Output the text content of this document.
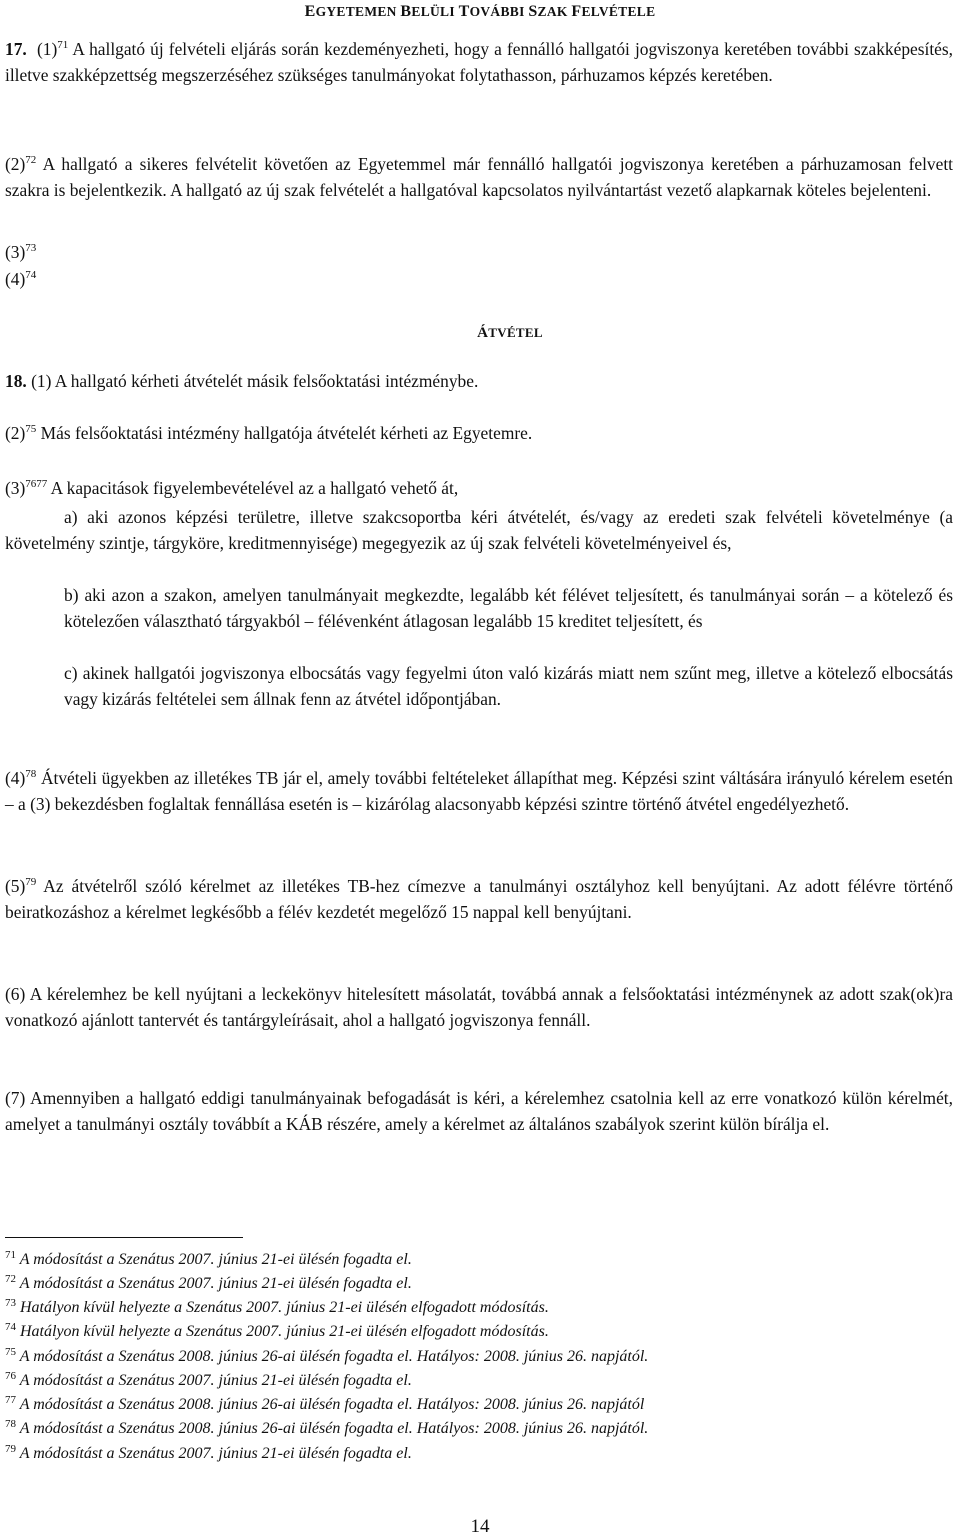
EGYETEMEN BELÜLI TOVÁBBI SZAK FELVÉTELE

17. $(1)^{71}$ A hallgató új felvételi eljárás során kezdeményezheti, hogy a fennálló hallgatói jogviszonya keretében további szakképesítés, illetve szakképzettség megszerzéséhez szükséges tanulmányokat folytathasson, párhuzamos képzés keretében.

$(2)^{72}$ A hallgató a sikeres felvételit követően az Egyetemmel már fennálló hallgatói jogviszonya keretében a párhuzamosan felvett szakra is bejelentkezik. A hallgató az új szak felvételét a hallgatóval kapcsolatos nyilvántartást vezető alapkarnak köteles bejelenteni.

$(3)^{73}$

$(4)^{74}$

ÁTVÉTEL

18. (1) A hallgató kérheti átvételét másik felsőoktatási intézménybe.

$(2)^{75}$ Más felsőoktatási intézmény hallgatója átvételét kérheti az Egyetemre.

$(3)^{7677}$ A kapacitások figyelembevételével az a hallgató vehető át,

a) aki azonos képzési területre, illetve szakcsoportba kéri átvételét, és/vagy az eredeti szak felvételi követelménye (a követelmény szintje, tárgyköre, kreditmennyisége) megegyezik az új szak felvételi követelményeivel és,

b) aki azon a szakon, amelyen tanulmányait megkezdte, legalább két félévet teljesített, és tanulmányai során – a kötelező és kötelezően választható tárgyakból – félévenként átlagosan legalább 15 kreditet teljesített, és

c) akinek hallgatói jogviszonya elbocsátás vagy fegyelmi úton való kizárás miatt nem szűnt meg, illetve a kötelező elbocsátás vagy kizárás feltételei sem állnak fenn az átvétel időpontjában.

$(4)^{78}$ Átvételi ügyekben az illetékes TB jár el, amely további feltételeket állapíthat meg. Képzési szint váltására irányuló kérelem esetén – a (3) bekezdésben foglaltak fennállása esetén is – kizárólag alacsonyabb képzési szintre történő átvétel engedélyezhető.

$(5)^{79}$ Az átvételről szóló kérelmet az illetékes TB-hez címezve a tanulmányi osztályhoz kell benyújtani. Az adott félévre történő beiratkozáshoz a kérelmet legkésőbb a félév kezdetét megelőző 15 nappal kell benyújtani.

(6) A kérelemhez be kell nyújtani a leckekönyv hitelesített másolatát, továbbá annak a felsőoktatási intézménynek az adott szak(ok)ra vonatkozó ajánlott tantervét és tantárgyleírásait, ahol a hallgató jogviszonya fennáll.

(7) Amennyiben a hallgató eddigi tanulmányainak befogadását is kéri, a kérelemhez csatolnia kell az erre vonatkozó külön kérelmét, amelyet a tanulmányi osztály továbbít a KÁB részére, amely a kérelmet az általános szabályok szerint külön bírálja el.

$^{71}$ A módosítást a Szenátus 2007. június 21-ei ülésén fogadta el.
$^{72}$ A módosítást a Szenátus 2007. június 21-ei ülésén fogadta el.
$^{73}$ Hatályon kívül helyezte a Szenátus 2007. június 21-ei ülésén elfogadott módosítás.
$^{74}$ Hatályon kívül helyezte a Szenátus 2007. június 21-ei ülésén elfogadott módosítás.
$^{75}$ A módosítást a Szenátus 2008. június 26-ai ülésén fogadta el. Hatályos: 2008. június 26. napjától.
$^{76}$ A módosítást a Szenátus 2007. június 21-ei ülésén fogadta el.
$^{77}$ A módosítást a Szenátus 2008. június 26-ai ülésén fogadta el. Hatályos: 2008. június 26. napjától
$^{78}$ A módosítást a Szenátus 2008. június 26-ai ülésén fogadta el. Hatályos: 2008. június 26. napjától.
$^{79}$ A módosítást a Szenátus 2007. június 21-ei ülésén fogadta el.
14
